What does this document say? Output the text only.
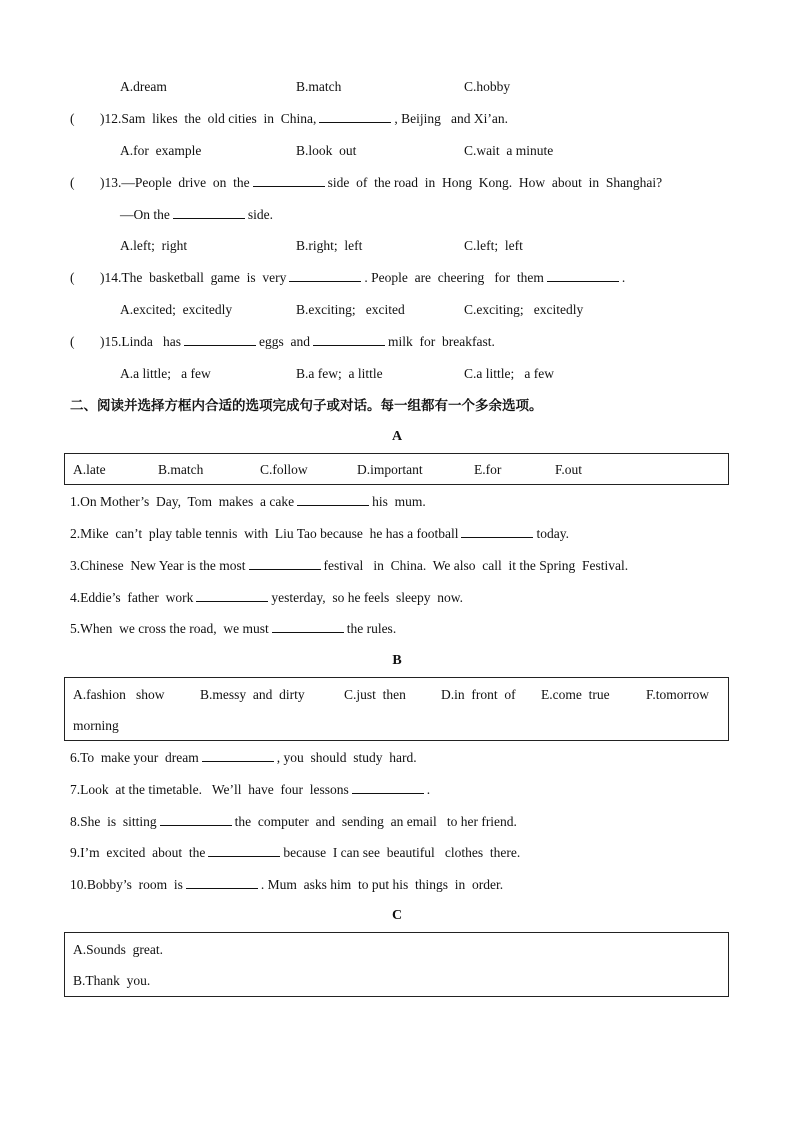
A.dream	B.match	C.hobby
( )12.Sam  likes  the  old cities  in  China,	, Beijing   and Xi’an.
A.for  example	B.look  out	C.wait  a minute
( )13.—People  drive  on  the	side  of  the road  in  Hong  Kong.  How  about  in  Shanghai?
—On the	side.
A.left;  right	B.right;  left	C.left;  left
( )14.The  basketball  game  is  very	. People  are  cheering   for  them	.
A.excited;  excitedly	B.exciting;   excited	C.exciting;   excitedly
( )15.Linda   has	eggs  and	milk  for  breakfast.
A.a little;   a few	B.a few;  a little	C.a little;   a few
二、阅读并选择方框内合适的选项完成句子或对话。每一组都有一个多余选项。
A
A.late	B.match	C.follow	D.important	E.for	F.out
1.On Mother’s  Day,  Tom  makes  a cake	his  mum.
2.Mike  can’t  play table tennis  with  Liu Tao because  he has a football	today.
3.Chinese  New Year is the most	festival   in  China.  We also  call  it the Spring  Festival.
4.Eddie’s  father  work	yesterday,  so he feels  sleepy  now.
5.When  we cross the road,  we must	the rules.
B
A.fashion   show	B.messy  and  dirty	C.just  then	D.in  front  of E.come  true	F.tomorrow
morning
6.To  make your  dream	, you  should  study  hard.
7.Look  at the timetable.   We’ll  have  four  lessons	.
8.She  is  sitting	the  computer  and  sending  an email   to her friend.
9.I’m  excited  about  the	because  I can see  beautiful   clothes  there.
10.Bobby’s  room  is	. Mum  asks him  to put his  things  in  order.
C
A.Sounds  great.
B.Thank  you.
